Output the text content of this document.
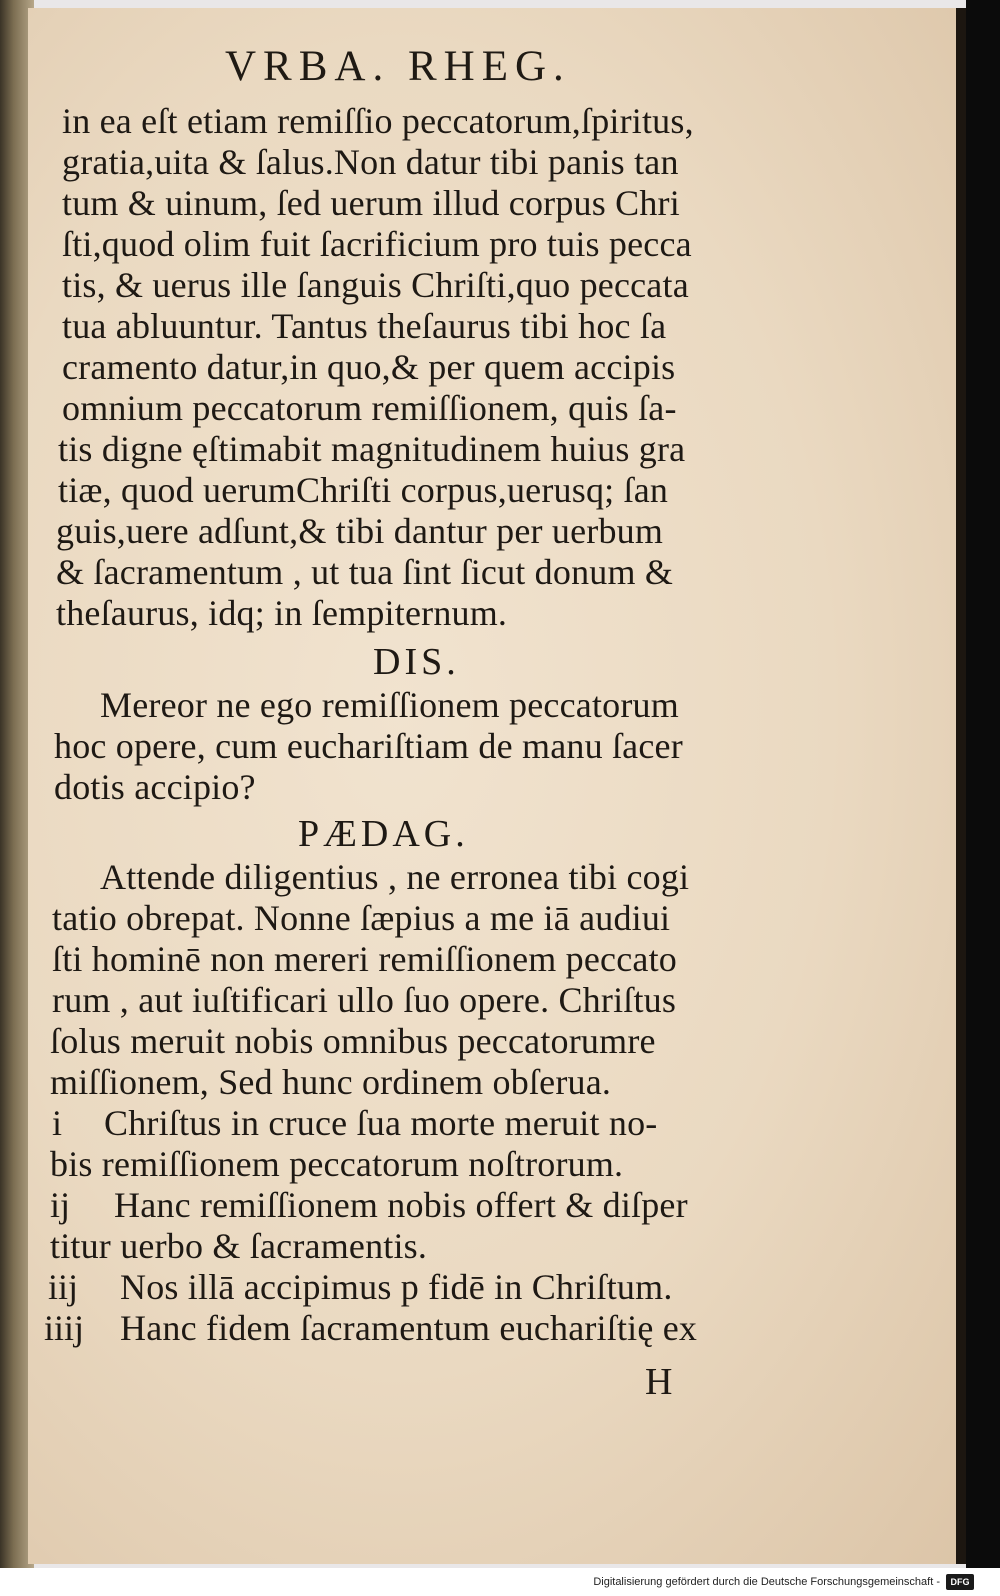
VRBA. RHEG.
in ea eſt etiam remiſſio peccatorum,ſpiritus,
gratia,uita & ſalus.Non datur tibi panis tan
tum & uinum, ſed uerum illud corpus Chri
ſti,quod olim fuit ſacrificium pro tuis pecca
tis, & uerus ille ſanguis Chriſti,quo peccata
tua abluuntur. Tantus theſaurus tibi hoc ſa
cramento datur,in quo,& per quem accipis
omnium peccatorum remiſſionem, quis ſa-
tis digne ęſtimabit magnitudinem huius gra
tiæ, quod uerumChriſti corpus,uerusq; ſan
guis,uere adſunt,& tibi dantur per uerbum
& ſacramentum , ut tua ſint ſicut donum &
theſaurus, idq; in ſempiternum.
DIS.
Mereor ne ego remiſſionem peccatorum
hoc opere, cum euchariſtiam de manu ſacer
dotis accipio?
PÆDAG.
Attende diligentius , ne erronea tibi cogi
tatio obrepat. Nonne ſæpius a me iā audiui
ſti hominē non mereri remiſſionem peccato
rum , aut iuſtificari ullo ſuo opere. Chriſtus
ſolus meruit nobis omnibus peccatorumre
miſſionem, Sed hunc ordinem obſerua.
i Chriſtus in cruce ſua morte meruit no-
bis remiſſionem peccatorum noſtrorum.
ij Hanc remiſſionem nobis offert & diſper
titur uerbo & ſacramentis.
iij Nos illā accipimus p fidē in Chriſtum.
iiij Hanc fidem ſacramentum euchariſtię ex
H
Digitalisierung gefördert durch die Deutsche Forschungsgemeinschaft -	DFG
